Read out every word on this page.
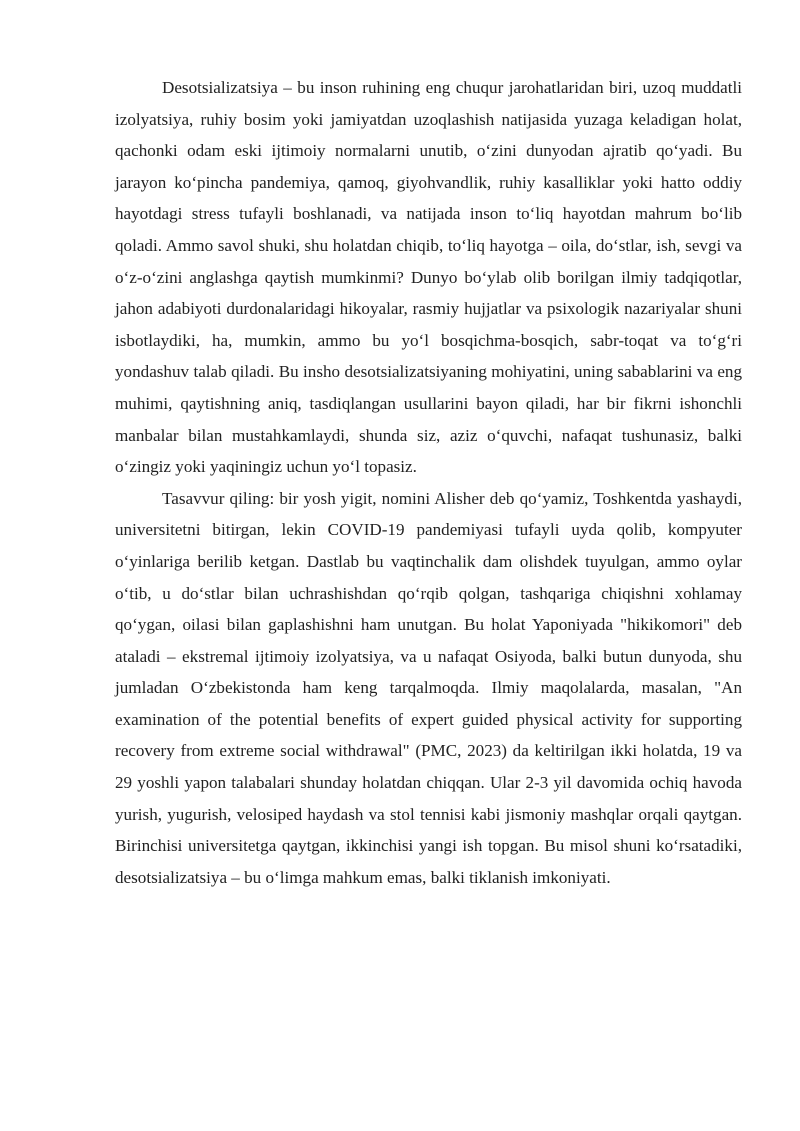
Desotsializatsiya – bu inson ruhining eng chuqur jarohatlaridan biri, uzoq muddatli izolyatsiya, ruhiy bosim yoki jamiyatdan uzoqlashish natijasida yuzaga keladigan holat, qachonki odam eski ijtimoiy normalarni unutib, oʻzini dunyodan ajratib qoʻyadi. Bu jarayon koʻpincha pandemiya, qamoq, giyohvandlik, ruhiy kasalliklar yoki hatto oddiy hayotdagi stress tufayli boshlanadi, va natijada inson toʻliq hayotdan mahrum boʻlib qoladi. Ammo savol shuki, shu holatdan chiqib, toʻliq hayotga – oila, doʻstlar, ish, sevgi va oʻz-oʻzini anglashga qaytish mumkinmi? Dunyo boʻylab olib borilgan ilmiy tadqiqotlar, jahon adabiyoti durdonalaridagi hikoyalar, rasmiy hujjatlar va psixologik nazariyalar shuni isbotlaydiki, ha, mumkin, ammo bu yoʻl bosqichma-bosqich, sabr-toqat va toʻgʻri yondashuv talab qiladi. Bu insho desotsializatsiyaning mohiyatini, uning sabablarini va eng muhimi, qaytishning aniq, tasdiqlangan usullarini bayon qiladi, har bir fikrni ishonchli manbalar bilan mustahkamlaydi, shunda siz, aziz oʻquvchi, nafaqat tushunasiz, balki oʻzingiz yoki yaqiningiz uchun yoʻl topasiz.

Tasavvur qiling: bir yosh yigit, nomini Alisher deb qoʻyamiz, Toshkentda yashaydi, universitetni bitirgan, lekin COVID-19 pandemiyasi tufayli uyda qolib, kompyuter oʻyinlariga berilib ketgan. Dastlab bu vaqtinchalik dam olishdek tuyulgan, ammo oylar oʻtib, u doʻstlar bilan uchrashishdan qoʻrqib qolgan, tashqariga chiqishni xohlamay qoʻygan, oilasi bilan gaplashishni ham unutgan. Bu holat Yaponiyada "hikikomori" deb ataladi – ekstremal ijtimoiy izolyatsiya, va u nafaqat Osiyoda, balki butun dunyoda, shu jumladan Oʻzbekistonda ham keng tarqalmoqda. Ilmiy maqolalarda, masalan, "An examination of the potential benefits of expert guided physical activity for supporting recovery from extreme social withdrawal" (PMC, 2023) da keltirilgan ikki holatda, 19 va 29 yoshli yapon talabalari shunday holatdan chiqqan. Ular 2-3 yil davomida ochiq havoda yurish, yugurish, velosiped haydash va stol tennisi kabi jismoniy mashqlar orqali qaytgan. Birinchisi universitetga qaytgan, ikkinchisi yangi ish topgan. Bu misol shuni koʻrsatadiki, desotsializatsiya – bu oʻlimga mahkum emas, balki tiklanish imkoniyati.
